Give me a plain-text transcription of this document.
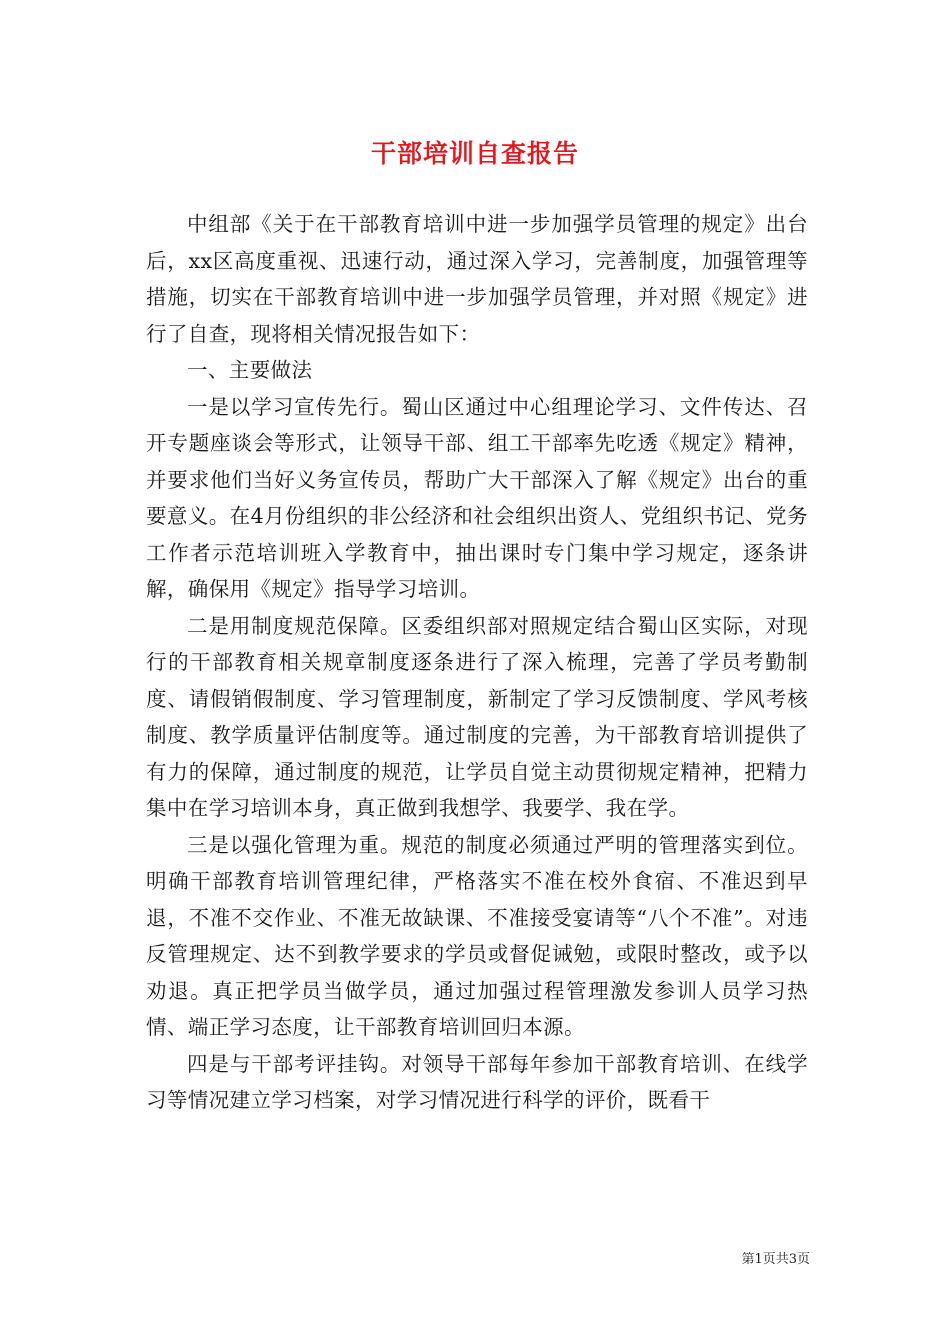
干部培训自查报告

中组部《关于在干部教育培训中进一步加强学员管理的规定》出台后，xx区高度重视、迅速行动，通过深入学习，完善制度，加强管理等措施，切实在干部教育培训中进一步加强学员管理，并对照《规定》进行了自查，现将相关情况报告如下：

一、主要做法

一是以学习宣传先行。蜀山区通过中心组理论学习、文件传达、召开专题座谈会等形式，让领导干部、组工干部率先吃透《规定》精神，并要求他们当好义务宣传员，帮助广大干部深入了解《规定》出台的重要意义。在4月份组织的非公经济和社会组织出资人、党组织书记、党务工作者示范培训班入学教育中，抽出课时专门集中学习规定，逐条讲解，确保用《规定》指导学习培训。

二是用制度规范保障。区委组织部对照规定结合蜀山区实际，对现行的干部教育相关规章制度逐条进行了深入梳理，完善了学员考勤制度、请假销假制度、学习管理制度，新制定了学习反馈制度、学风考核制度、教学质量评估制度等。通过制度的完善，为干部教育培训提供了有力的保障，通过制度的规范，让学员自觉主动贯彻规定精神，把精力集中在学习培训本身，真正做到我想学、我要学、我在学。

三是以强化管理为重。规范的制度必须通过严明的管理落实到位。明确干部教育培训管理纪律，严格落实不准在校外食宿、不准迟到早退，不准不交作业、不准无故缺课、不准接受宴请等“八个不准”。对违反管理规定、达不到教学要求的学员或督促诫勉，或限时整改，或予以劝退。真正把学员当做学员，通过加强过程管理激发参训人员学习热情、端正学习态度，让干部教育培训回归本源。

四是与干部考评挂钩。对领导干部每年参加干部教育培训、在线学习等情况建立学习档案，对学习情况进行科学的评价，既看干

第1页共3页
